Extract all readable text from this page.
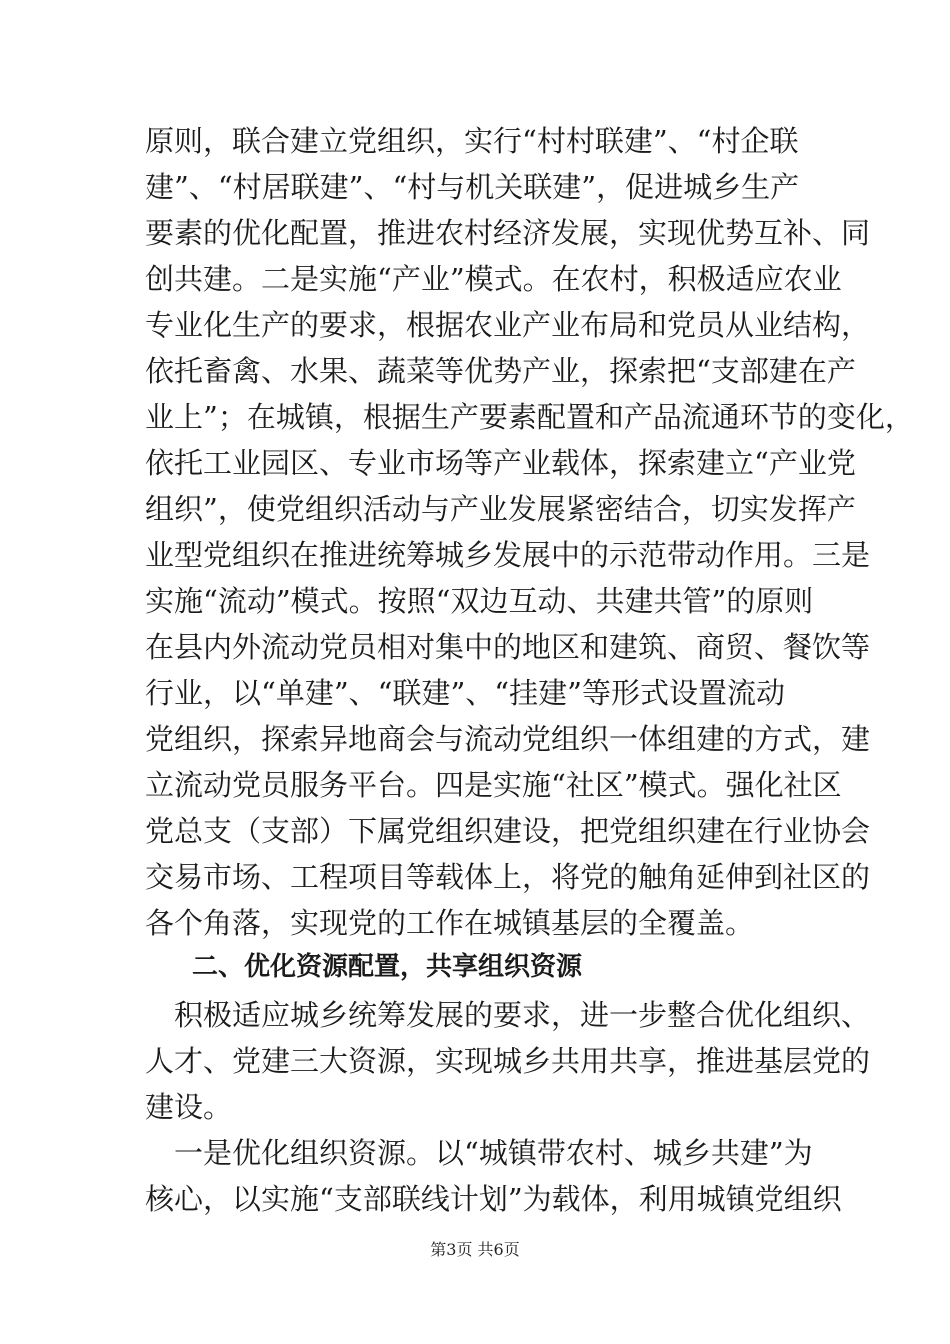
原则，联合建立党组织，实行“村村联建”、“村企联
建”、“村居联建”、“村与机关联建”，促进城乡生产
要素的优化配置，推进农村经济发展，实现优势互补、同
创共建。二是实施“产业”模式。在农村，积极适应农业
专业化生产的要求，根据农业产业布局和党员从业结构，
依托畜禽、水果、蔬菜等优势产业，探索把“支部建在产
业上”；在城镇，根据生产要素配置和产品流通环节的变化，
依托工业园区、专业市场等产业载体，探索建立“产业党
组织”，使党组织活动与产业发展紧密结合，切实发挥产
业型党组织在推进统筹城乡发展中的示范带动作用。三是
实施“流动”模式。按照“双边互动、共建共管”的原则
在县内外流动党员相对集中的地区和建筑、商贸、餐饮等
行业，以“单建”、“联建”、“挂建”等形式设置流动
党组织，探索异地商会与流动党组织一体组建的方式，建
立流动党员服务平台。四是实施“社区”模式。强化社区
党总支（支部）下属党组织建设，把党组织建在行业协会
交易市场、工程项目等载体上，将党的触角延伸到社区的
各个角落，实现党的工作在城镇基层的全覆盖。
二、优化资源配置，共享组织资源
　积极适应城乡统筹发展的要求，进一步整合优化组织、
人才、党建三大资源，实现城乡共用共享，推进基层党的
建设。
　一是优化组织资源。以“城镇带农村、城乡共建”为
核心，以实施“支部联线计划”为载体，利用城镇党组织
第3页 共6页
